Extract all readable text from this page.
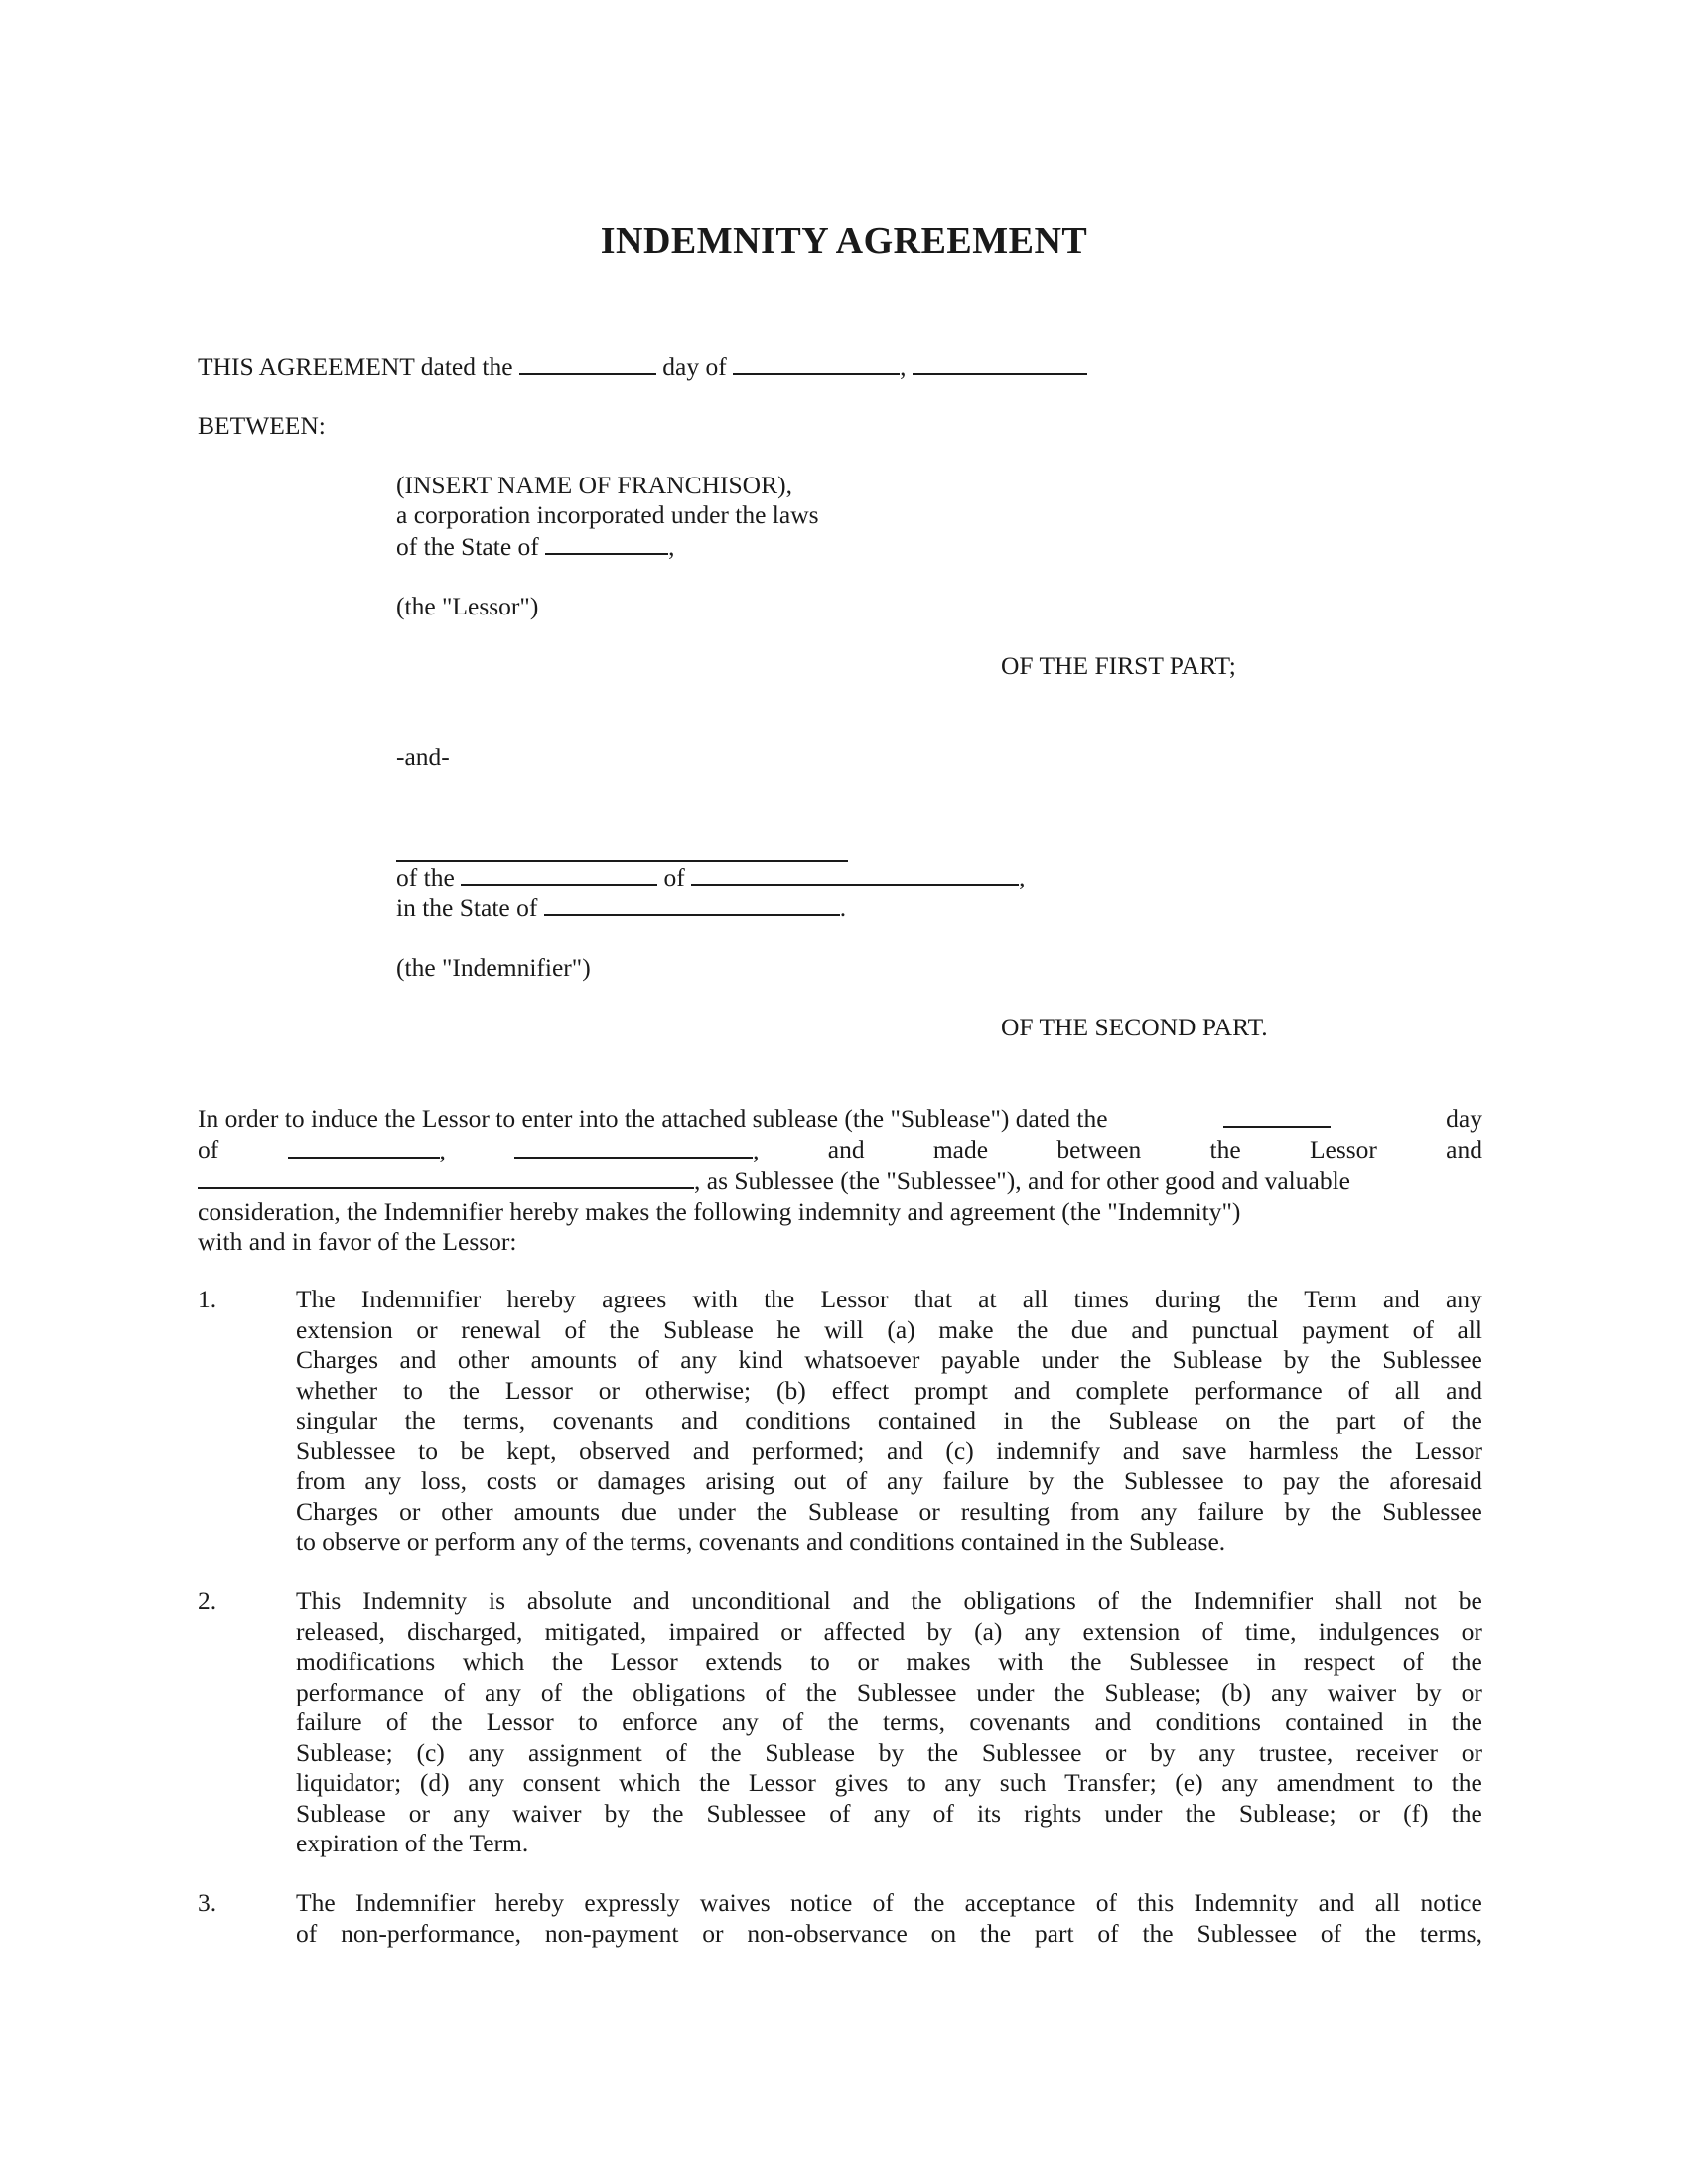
INDEMNITY AGREEMENT
THIS AGREEMENT dated the	day of	,
BETWEEN:
(INSERT NAME OF FRANCHISOR),
a corporation incorporated under the laws
of the State of	,
(the "Lessor")
OF THE FIRST PART;
-and-
of the	of	,
in the State of	.
(the "Indemnifier")
OF THE SECOND PART.
In order to induce the Lessor to enter into the attached sublease (the "Sublease") dated the	day
of	,	,	and	made	between	the	Lessor	and
, as Sublessee (the "Sublessee"), and for other good and valuable
consideration, the Indemnifier hereby makes the following indemnity and agreement (the "Indemnity")
with and in favor of the Lessor:
1.	The Indemnifier hereby agrees with the Lessor that at all times during the Term and any
extension or renewal of the Sublease he will (a) make the due and punctual payment of all
Charges and other amounts of any kind whatsoever payable under the Sublease by the Sublessee
whether to the Lessor or otherwise; (b) effect prompt and complete performance of all and
singular the terms, covenants and conditions contained in the Sublease on the part of the
Sublessee to be kept, observed and performed; and (c) indemnify and save harmless the Lessor
from any loss, costs or damages arising out of any failure by the Sublessee to pay the aforesaid
Charges or other amounts due under the Sublease or resulting from any failure by the Sublessee
to observe or perform any of the terms, covenants and conditions contained in the Sublease.
2.	This Indemnity is absolute and unconditional and the obligations of the Indemnifier shall not be
released, discharged, mitigated, impaired or affected by (a) any extension of time, indulgences or
modifications which the Lessor extends to or makes with the Sublessee in respect of the
performance of any of the obligations of the Sublessee under the Sublease; (b) any waiver by or
failure of the Lessor to enforce any of the terms, covenants and conditions contained in the
Sublease; (c) any assignment of the Sublease by the Sublessee or by any trustee, receiver or
liquidator; (d) any consent which the Lessor gives to any such Transfer; (e) any amendment to the
Sublease or any waiver by the Sublessee of any of its rights under the Sublease; or (f) the
expiration of the Term.
3.	The Indemnifier hereby expressly waives notice of the acceptance of this Indemnity and all notice
of non-performance, non-payment or non-observance on the part of the Sublessee of the terms,
